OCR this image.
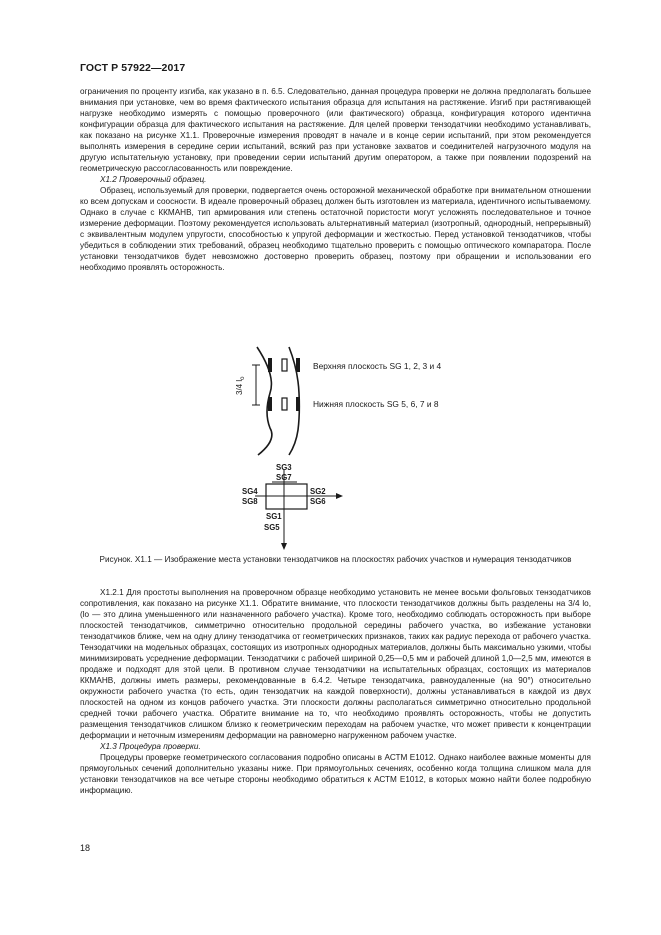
ГОСТ Р 57922—2017

ограничения по проценту изгиба, как указано в п. 6.5. Следовательно, данная процедура проверки не должна предполагать большее внимания при установке, чем во время фактического испытания образца для испытания на растяжение. Изгиб при растягивающей нагрузке необходимо измерять с помощью проверочного (или фактического) образца, конфигурация которого идентична конфигурации образца для фактического испытания на растяжение. Для целей проверки тензодатчики необходимо устанавливать, как показано на рисунке X1.1. Проверочные измерения проводят в начале и в конце серии испытаний, при этом рекомендуется выполнять измерения в середине серии испытаний, всякий раз при установке захватов и соединителей нагрузочного модуля на другую испытательную установку, при проведении серии испытаний другим оператором, а также при появлении подозрений на геометрическую рассогласованность или повреждение.

X1.2 Проверочный образец.

Образец, используемый для проверки, подвергается очень осторожной механической обработке при внимательном отношении ко всем допускам и соосности. В идеале проверочный образец должен быть изготовлен из материала, идентичного испытываемому. Однако в случае с ККМАНВ, тип армирования или степень остаточной пористости могут усложнять последовательное и точное измерение деформации. Поэтому рекомендуется использовать альтернативный материал (изотропный, однородный, непрерывный) с эквивалентным модулем упругости, способностью к упругой деформации и жесткостью. Перед установкой тензодатчиков, чтобы убедиться в соблюдении этих требований, образец необходимо тщательно проверить с помощью оптического компаратора. После установки тензодатчиков будет невозможно достоверно проверить образец, поэтому при обращении и использовании его необходимо проявлять осторожность.

3/4 $l_o$
Верхняя плоскость SG 1, 2, 3 и 4
Нижняя плоскость SG 5, 6, 7 и 8
SG3
SG7
SG4
SG8
SG2
SG6
SG1
SG5
Рисунок. X1.1 — Изображение места установки тензодатчиков на плоскостях рабочих участков и нумерация тензодатчиков

X1.2.1 Для простоты выполнения на проверочном образце необходимо установить не менее восьми фольговых тензодатчиков сопротивления, как показано на рисунке X1.1. Обратите внимание, что плоскости тензодатчиков должны быть разделены на 3/4 lo, (lo — это длина уменьшенного или назначенного рабочего участка). Кроме того, необходимо соблюдать осторожность при выборе плоскостей тензодатчиков, симметрично относительно продольной середины рабочего участка, во избежание установки тензодатчиков ближе, чем на одну длину тензодатчика от геометрических признаков, таких как радиус перехода от рабочего участка. Тензодатчики на модельных образцах, состоящих из изотропных однородных материалов, должны быть максимально узкими, чтобы минимизировать усреднение деформации. Тензодатчики с рабочей шириной 0,25—0,5 мм и рабочей длиной 1,0—2,5 мм, имеются в продаже и подходят для этой цели. В противном случае тензодатчики на испытательных образцах, состоящих из материалов ККМАНВ, должны иметь размеры, рекомендованные в 6.4.2. Четыре тензодатчика, равноудаленные (на 90°) относительно окружности рабочего участка (то есть, один тензодатчик на каждой поверхности), должны устанавливаться в каждой из двух плоскостей на одном из концов рабочего участка. Эти плоскости должны располагаться симметрично относительно продольной средней точки рабочего участка. Обратите внимание на то, что необходимо проявлять осторожность, чтобы не допустить размещения тензодатчиков слишком близко к геометрическим переходам на рабочем участке, что может привести к концентрации деформации и неточным измерениям деформации на равномерно нагруженном рабочем участке.

X1.3 Процедура проверки.

Процедуры проверке геометрического согласования подробно описаны в АСТМ E1012. Однако наиболее важные моменты для прямоугольных сечений дополнительно указаны ниже. При прямоугольных сечениях, особенно когда толщина слишком мала для установки тензодатчиков на все четыре стороны необходимо обратиться к АСТМ E1012, в которых можно найти более подробную информацию.

18
